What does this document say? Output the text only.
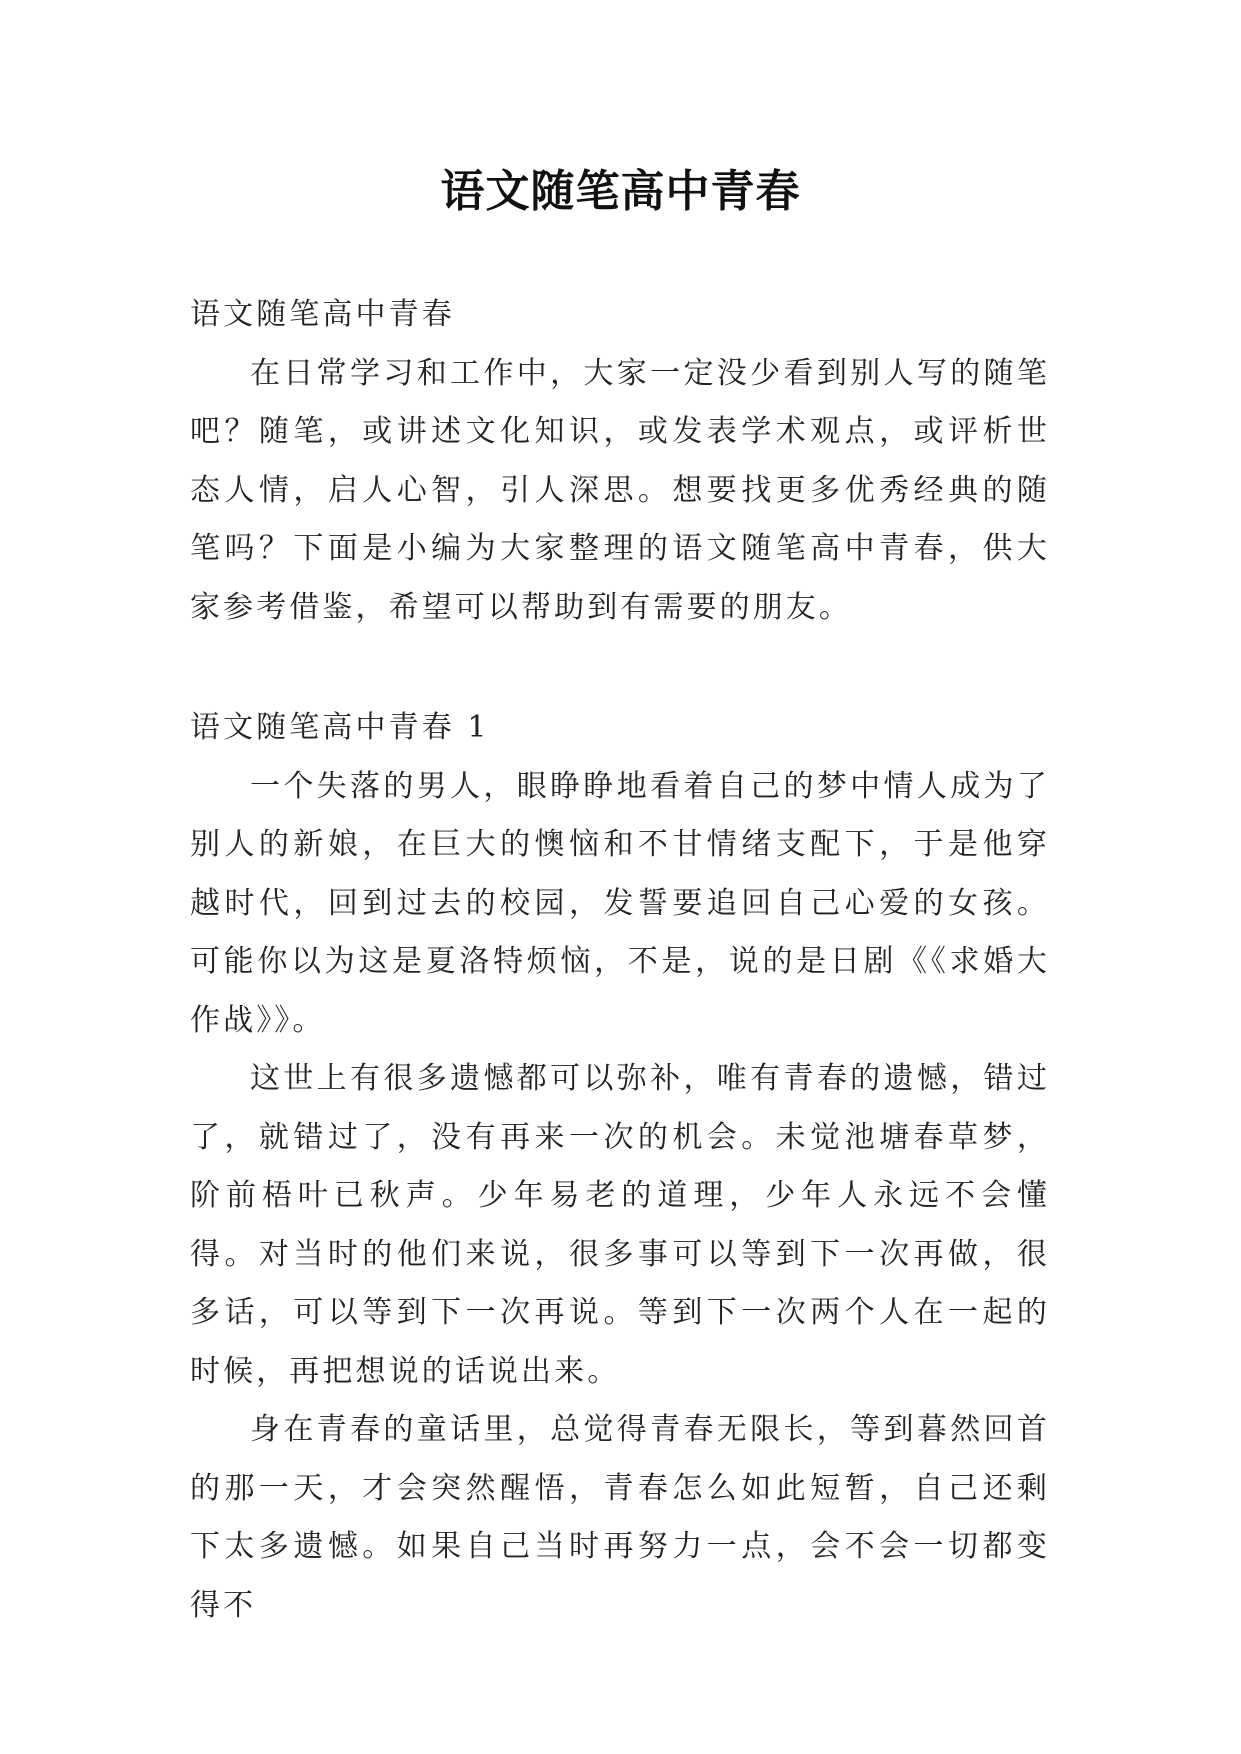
语文随笔高中青春

语文随笔高中青春

在日常学习和工作中，大家一定没少看到别人写的随笔吧？随笔，或讲述文化知识，或发表学术观点，或评析世态人情，启人心智，引人深思。想要找更多优秀经典的随笔吗？下面是小编为大家整理的语文随笔高中青春，供大家参考借鉴，希望可以帮助到有需要的朋友。

语文随笔高中青春 1

一个失落的男人，眼睁睁地看着自己的梦中情人成为了别人的新娘，在巨大的懊恼和不甘情绪支配下，于是他穿越时代，回到过去的校园，发誓要追回自己心爱的女孩。可能你以为这是夏洛特烦恼，不是，说的是日剧《《求婚大作战》》。

这世上有很多遗憾都可以弥补，唯有青春的遗憾，错过了，就错过了，没有再来一次的机会。未觉池塘春草梦，阶前梧叶已秋声。少年易老的道理，少年人永远不会懂得。对当时的他们来说，很多事可以等到下一次再做，很多话，可以等到下一次再说。等到下一次两个人在一起的时候，再把想说的话说出来。

身在青春的童话里，总觉得青春无限长，等到暮然回首的那一天，才会突然醒悟，青春怎么如此短暂，自己还剩下太多遗憾。如果自己当时再努力一点，会不会一切都变得不
